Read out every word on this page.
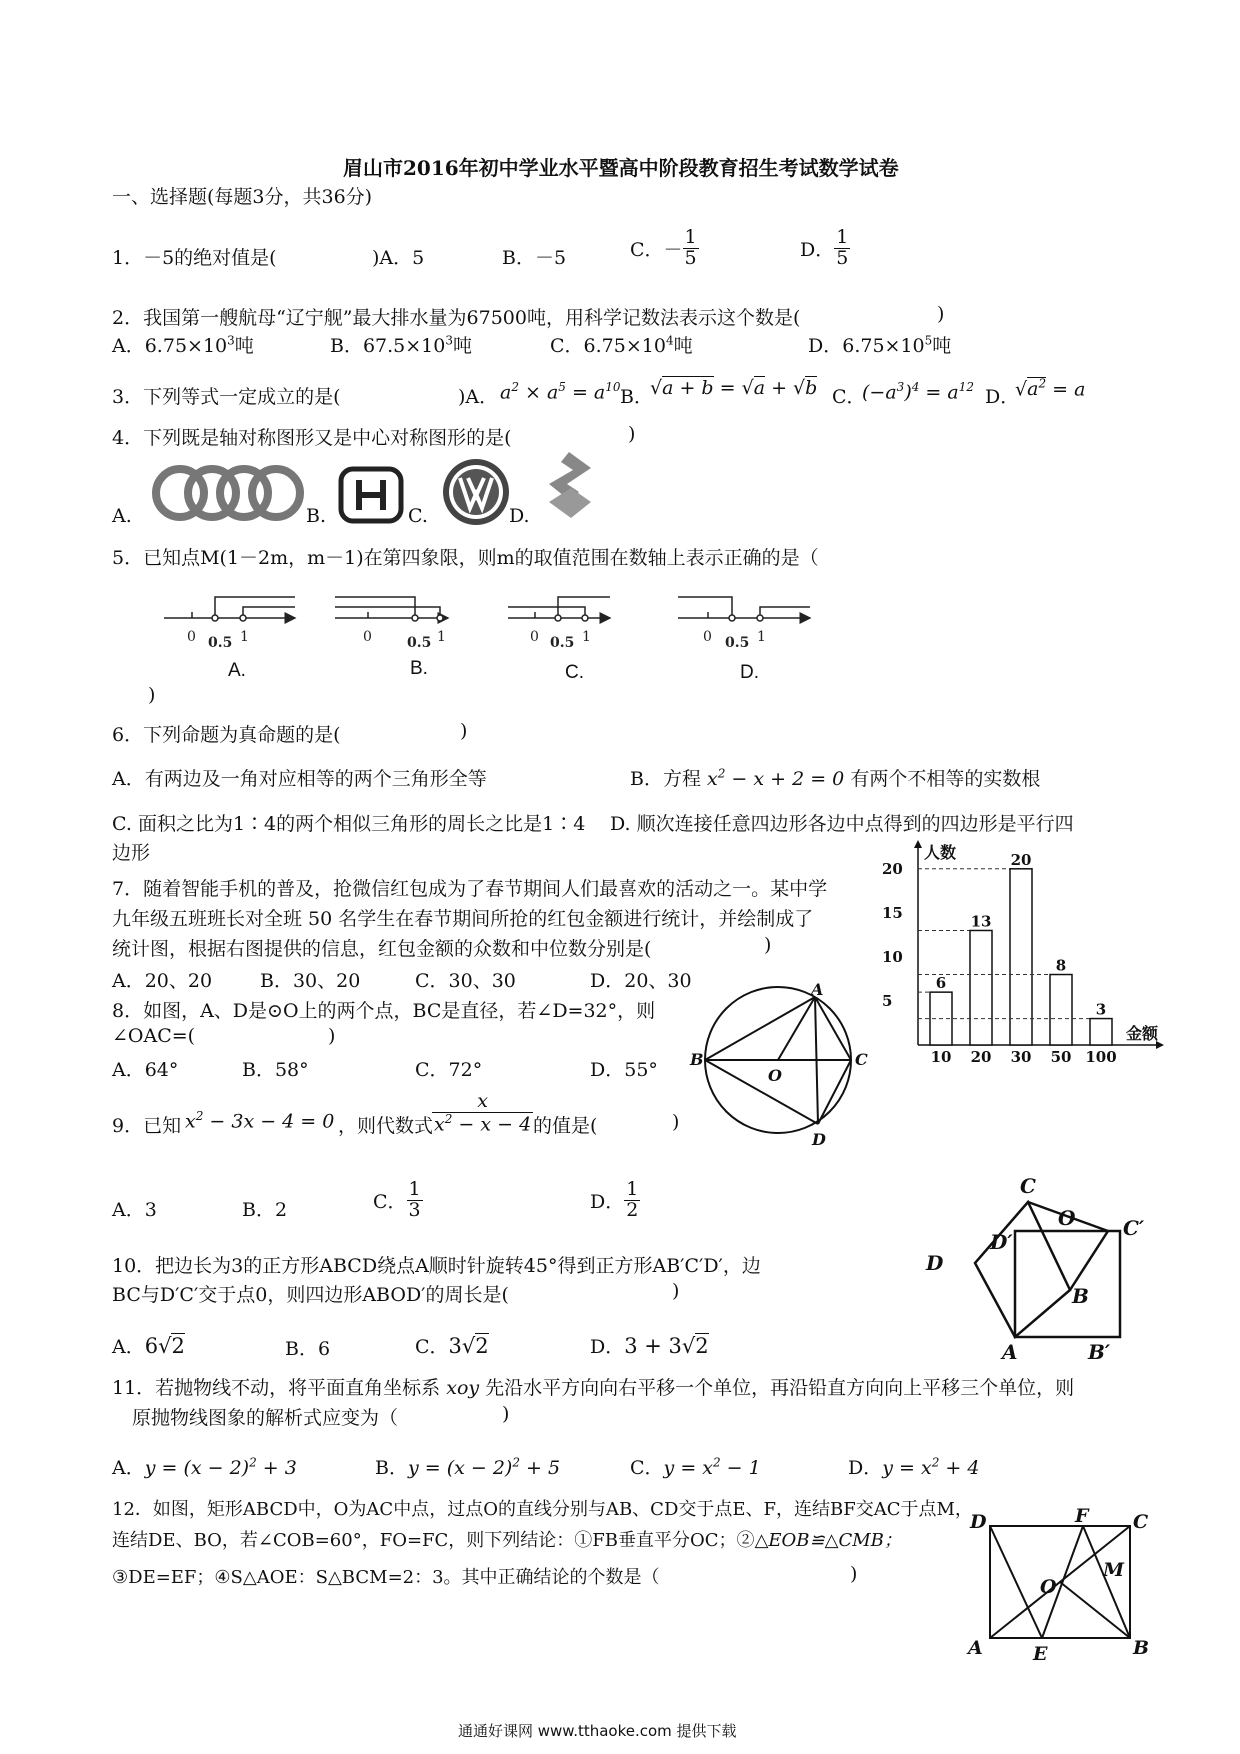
眉山市2016年初中学业水平暨高中阶段教育招生考试数学试卷
一、选择题(每题3分，共36分)
1．－5的绝对值是(	)A．5	B．－5	C．－ $\frac{1}{5}$	D． $\frac{1}{5}$
2．我国第一艘航母“辽宁舰”最大排水量为67500吨，用科学记数法表示这个数是(	)
A．$6.75\times 10^3$吨	B．$67.5\times 10^3$吨	C．$6.75\times 10^4$吨	D．$6.75\times 10^5$吨
3．下列等式一定成立的是(	)A． $a^2 \times a^5 = a^{10}$ B．
√a + b = √a + √b C．
$(-a^3)^4 = a^{12}$ D．
$√a^2 = a$
4．下列既是轴对称图形又是中心对称图形的是(	)
A.	B.	C.	D.
5．已知点M(1－2m，m－1)在第四象限，则m的取值范围在数轴上表示正确的是（
)
0 0.5 1	0	0.5 1	0 0.5 1	0 0.5 1
A.	B.	C.	D.
6．下列命题为真命题的是(	)
A．有两边及一角对应相等的两个三角形全等	B．方程 $x^2 - x + 2 = 0$ 有两个不相等的实数根
C. 面积之比为1∶4的两个相似三角形的周长之比是1∶4 D. 顺次连接任意四边形各边中点得到的四边形是平行四
边形
7．随着智能手机的普及，抢微信红包成为了春节期间人们最喜欢的活动之一。某中学
九年级五班班长对全班 50 名学生在春节期间所抢的红包金额进行统计，并绘制成了
统计图，根据右图提供的信息，红包金额的众数和中位数分别是(	)
A．20、20	B．30、20	C．30、30	D．20、30
5
10
15
20
人数
金额
6
10
13
20
20
30
8
50
3
100
8．如图，A、D是⊙O上的两个点，BC是直径，若∠D=32°，则
∠OAC=(	)
A．64°	B．58°	C．72°	D．55°
A
B	C
D
O
9．已知 $x^2 - 3x - 4 = 0$ ，则代数式
$\frac{x}{x^2 - x - 4}$ 的值是(	)
A．3	B．2	C． $\frac{1}{3}$	D． $\frac{1}{2}$	C
O C′
D′
D
B
A	B′
10．把边长为3的正方形ABCD绕点A顺时针旋转45°得到正方形AB′C′D′，边
BC与D′C′交于点0，则四边形ABOD′的周长是(	)
A．6√2	B．6	C．3√2	D．3 + 3√2
11．若抛物线不动，将平面直角坐标系 xoy 先沿水平方向向右平移一个单位，再沿铅直方向向上平移三个单位，则
原抛物线图象的解析式应变为（	)
A．$y = (x - 2)^2 + 3$	B．$y = (x - 2)^2 + 5$	C．$y = x^2 - 1$	D．$y = x^2 + 4$
12．如图，矩形ABCD中，O为AC中点，过点O的直线分别与AB、CD交于点E、F，连结BF交AC于点M，
连结DE、BO，若∠COB=60°，FO=FC，则下列结论：①FB垂直平分OC；②△EOB≌△CMB；
③DE=EF；④S△AOE：S△BCM=2：3。其中正确结论的个数是（	)
D	F C
M
O
A	E	B
通通好课网 www.tthaoke.com 提供下载
